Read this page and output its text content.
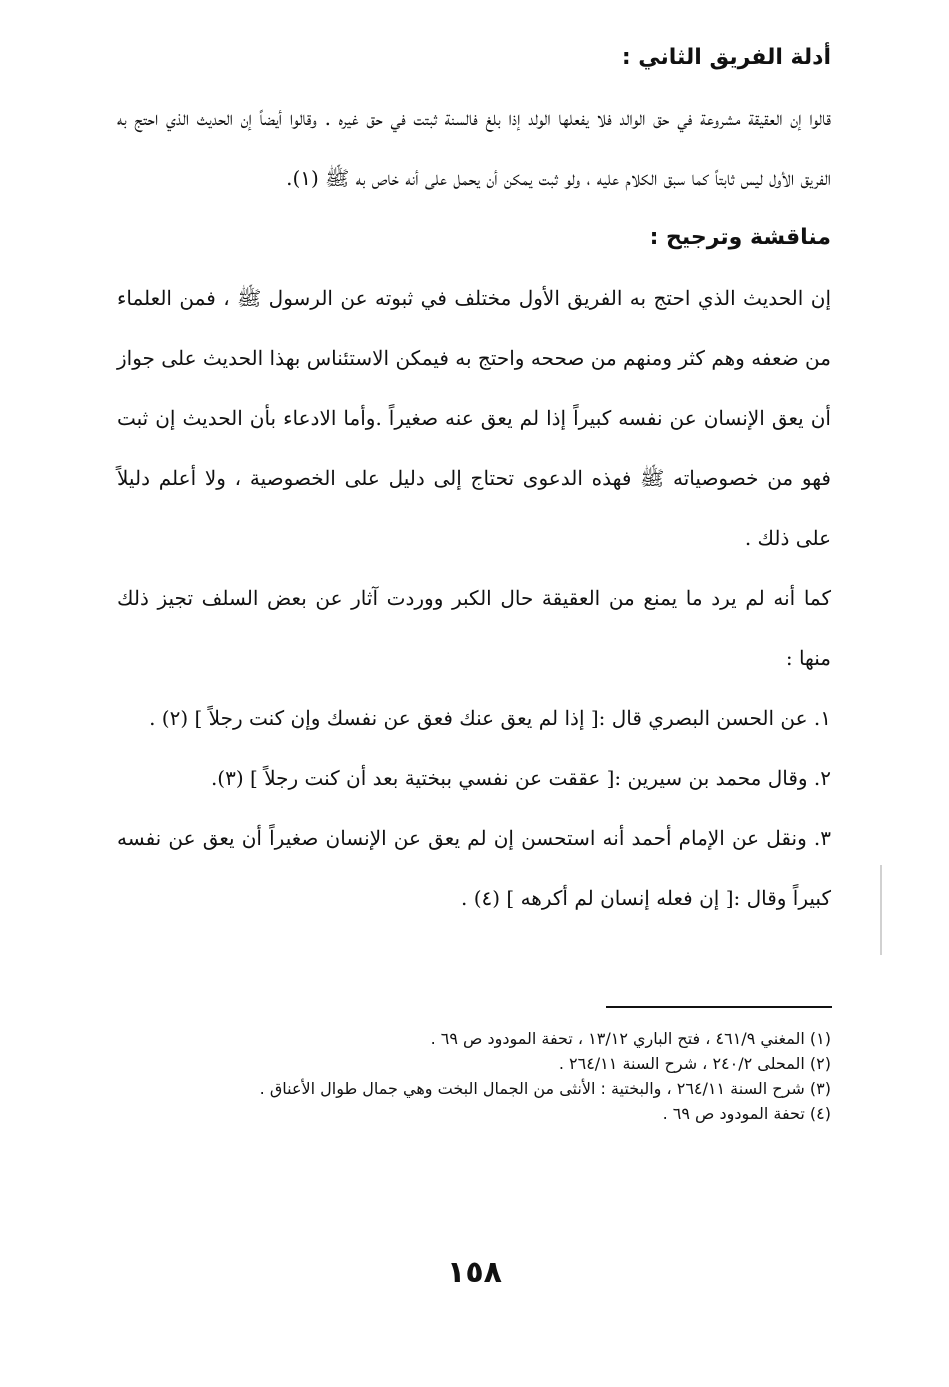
أدلة الفريق الثاني :

قالوا إن العقيقة مشروعة في حق الوالد فلا يفعلها الولد إذا بلغ فالسنة ثبتت في حق غيره . وقالوا أيضاً إن الحديث الذي احتج به الفريق الأول ليس ثابتاً كما سبق الكلام عليه ، ولو ثبت يمكن أن يحمل على أنه خاص به ﷺ (١).

مناقشة وترجيح :

إن الحديث الذي احتج به الفريق الأول مختلف في ثبوته عن الرسول ﷺ ، فمن العلماء من ضعفه وهم كثر ومنهم من صححه واحتج به فيمكن الاستئناس بهذا الحديث على جواز أن يعق الإنسان عن نفسه كبيراً إذا لم يعق عنه صغيراً .وأما الادعاء بأن الحديث إن ثبت فهو من خصوصياته ﷺ فهذه الدعوى تحتاج إلى دليل على الخصوصية ، ولا أعلم دليلاً على ذلك .

كما أنه لم يرد ما يمنع من العقيقة حال الكبر ووردت آثار عن بعض السلف تجيز ذلك منها :

١. عن الحسن البصري قال :[ إذا لم يعق عنك فعق عن نفسك وإن كنت رجلاً ] (٢) .
٢. وقال محمد بن سيرين :[ عققت عن نفسي ببختية بعد أن كنت رجلاً ] (٣).
٣. ونقل عن الإمام أحمد أنه استحسن إن لم يعق عن الإنسان صغيراً أن يعق عن نفسه كبيراً وقال :[ إن فعله إنسان لم أكرهه ] (٤) .
(١) المغني ٤٦١/٩ ، فتح الباري ١٣/١٢ ، تحفة المودود ص ٦٩ .
(٢) المحلى ٢٤٠/٢ ، شرح السنة ٢٦٤/١١ .
(٣) شرح السنة ٢٦٤/١١ ، والبختية : الأنثى من الجمال البخت وهي جمال طوال الأعناق .
(٤) تحفة المودود ص ٦٩ .
١٥٨
